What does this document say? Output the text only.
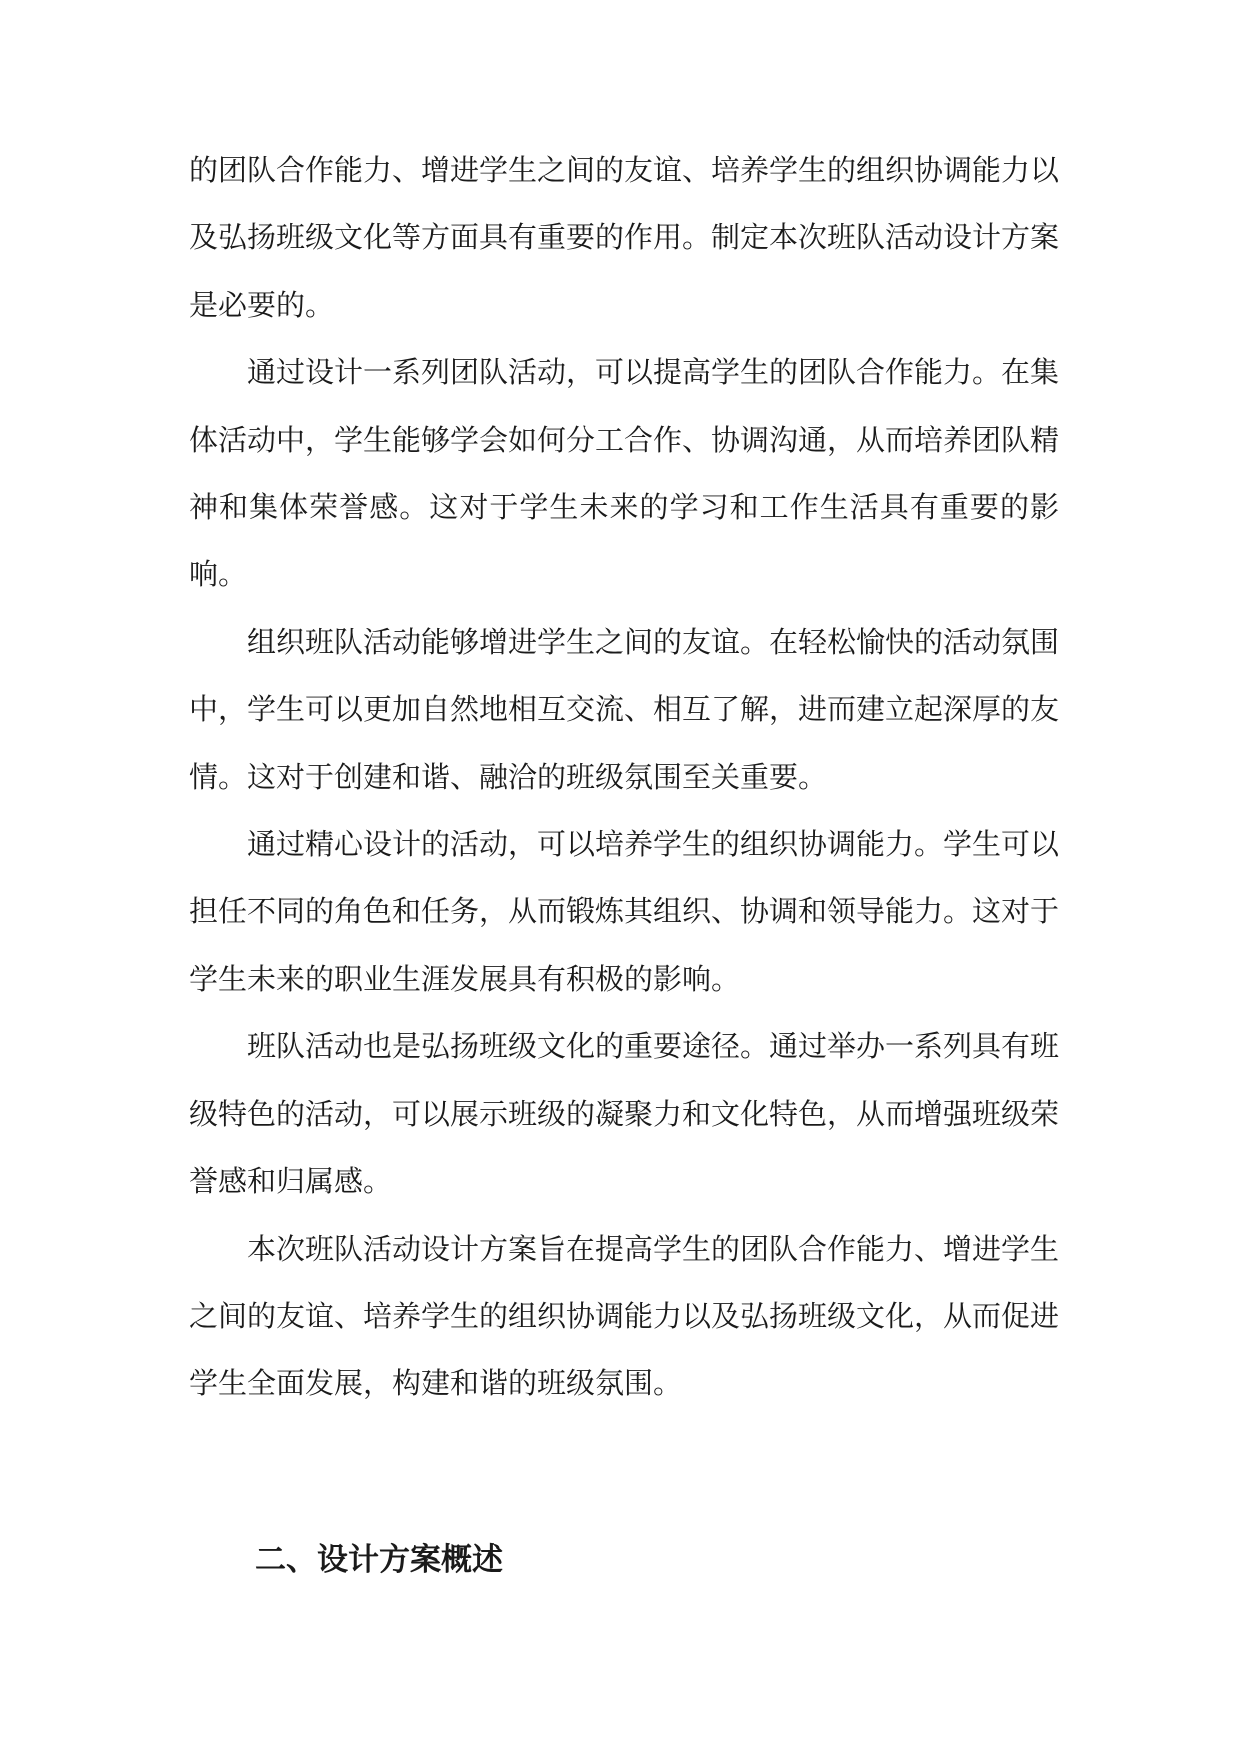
的团队合作能力、增进学生之间的友谊、培养学生的组织协调能力以及弘扬班级文化等方面具有重要的作用。制定本次班队活动设计方案是必要的。

通过设计一系列团队活动，可以提高学生的团队合作能力。在集体活动中，学生能够学会如何分工合作、协调沟通，从而培养团队精神和集体荣誉感。这对于学生未来的学习和工作生活具有重要的影响。

组织班队活动能够增进学生之间的友谊。在轻松愉快的活动氛围中，学生可以更加自然地相互交流、相互了解，进而建立起深厚的友情。这对于创建和谐、融洽的班级氛围至关重要。

通过精心设计的活动，可以培养学生的组织协调能力。学生可以担任不同的角色和任务，从而锻炼其组织、协调和领导能力。这对于学生未来的职业生涯发展具有积极的影响。

班队活动也是弘扬班级文化的重要途径。通过举办一系列具有班级特色的活动，可以展示班级的凝聚力和文化特色，从而增强班级荣誉感和归属感。

本次班队活动设计方案旨在提高学生的团队合作能力、增进学生之间的友谊、培养学生的组织协调能力以及弘扬班级文化，从而促进学生全面发展，构建和谐的班级氛围。

二、设计方案概述
